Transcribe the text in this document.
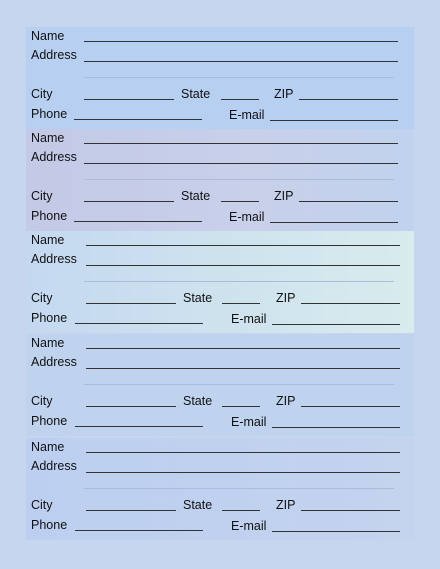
Name
Address
City	State	ZIP
Phone	E-mail
Name
Address
City	State	ZIP
Phone	E-mail
Name
Address
City	State	ZIP
Phone	E-mail
Name
Address
City	State	ZIP
Phone	E-mail
Name
Address
City	State	ZIP
Phone	E-mail
